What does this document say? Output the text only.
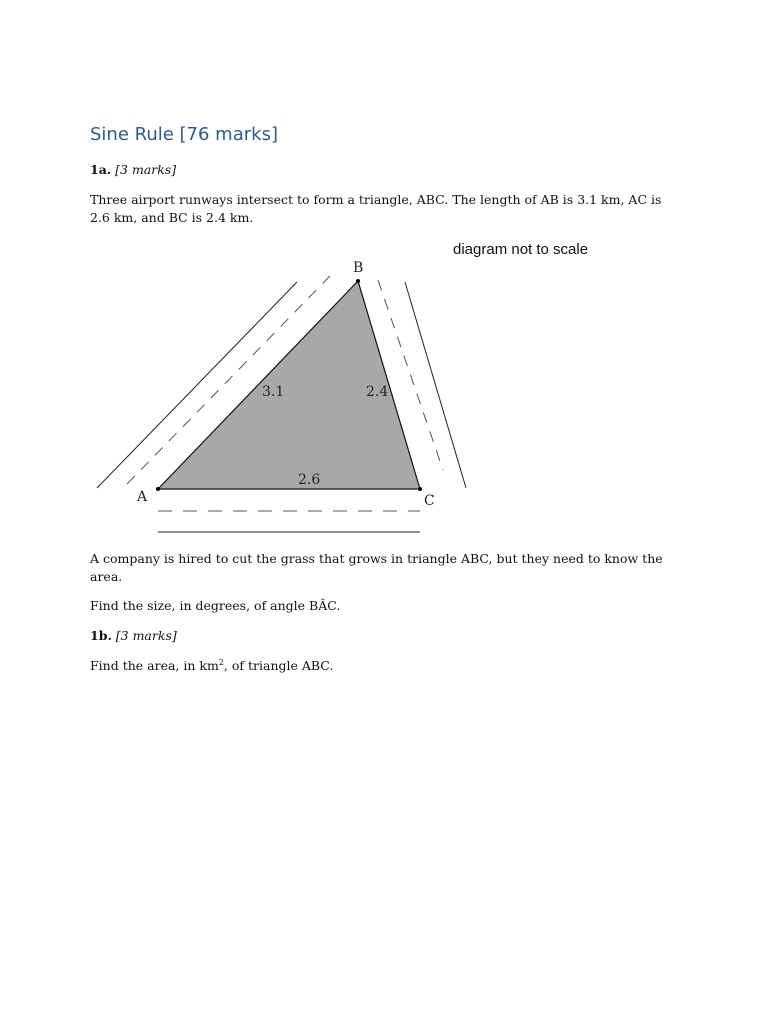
Sine Rule [76 marks]
1a. [3 marks]
Three airport runways intersect to form a triangle, ABC. The length of AB is 3.1 km, AC is 2.6 km, and BC is 2.4 km.
diagram not to scale
A
B
C
3.1	2.4
2.6
A company is hired to cut the grass that grows in triangle ABC, but they need to know the area.
Find the size, in degrees, of angle BÂC.
1b. [3 marks]
Find the area, in $km^2$, of triangle ABC.
